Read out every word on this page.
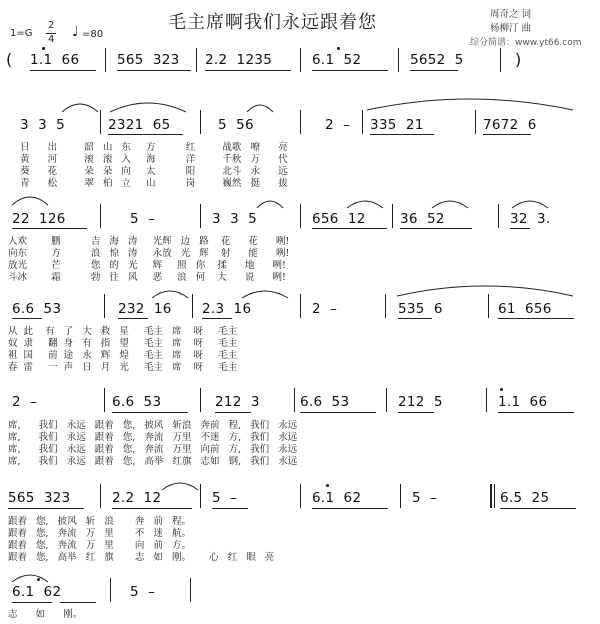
毛主席啊我们永远跟着您	周奇之 词
杨柳汀 曲
综分简谱：www.yt66.com
1=G
2
4 ♩ =80
( 1.1  66	565  323 2.2  1235	6.1  52	5652  5	)
3  3  5	2321  65	5  56	2  – 335  21	7672  6
日      出         韶   山   东     方          红         战歌   嘹      亮
黄      河         滚   滚   入     海          洋         千秋   万      代
葵      花         朵   朵   向     太          阳         北斗   永      远
青      松         翠   柏   立     山          岗         巍然   挺      拔
22  126	5  –	3  3  5	656  12	36  52	32  3.
人欢        鹏          吉   海   涛     光辉   边   路    花      花      咧!
向东        方          浪   惊   涛     永放   光   辉    射      能      咧!
放光        芒          您   的   光     辉     照   你    揉      地      咧!
斗冰        霜          勃   往   风     恶     浪   何    大      说      咧!
6.6  53	232  16 2.3  16	2  –	535  6	61  656
从  此    有   了   大   救   星     毛主   席    呀     毛主
奴  隶     翻  身   有   指   望     毛主   席    呀     毛主
祖  国     前  途   永   辉   煌     毛主   席    呀     毛主
春  雷     一  声   日   月   光     毛主   席    呀     毛主
2  –	6.6  53	212  3	6.6  53	212  5	1.1  66
席,      我们   永远   跟着   您,   披风   斩浪   奔前   程,   我们   永远
席,      我们   永远   跟着   您,   奔流   万里   不迷   方,   我们   永远
席,      我们   永远   跟着   您,   奔流   万里   向前   方,   我们   永远
席,      我们   永远   跟着   您,   高举   红旗   志如   钢,   我们   永远
565  323	2.2  12	5  –	6.1  62	5  –	6.5  25
跟着   您,   披风   斩   浪       奔   前   程。
跟着   您,   奔流   万   里       不   迷   航。
跟着   您,   奔流   万   里       向   前   方。
跟着   您,   高举   红   旗       志   如   刚。      心   红   眼   亮
6.1  62	5  –
志      如      刚。
